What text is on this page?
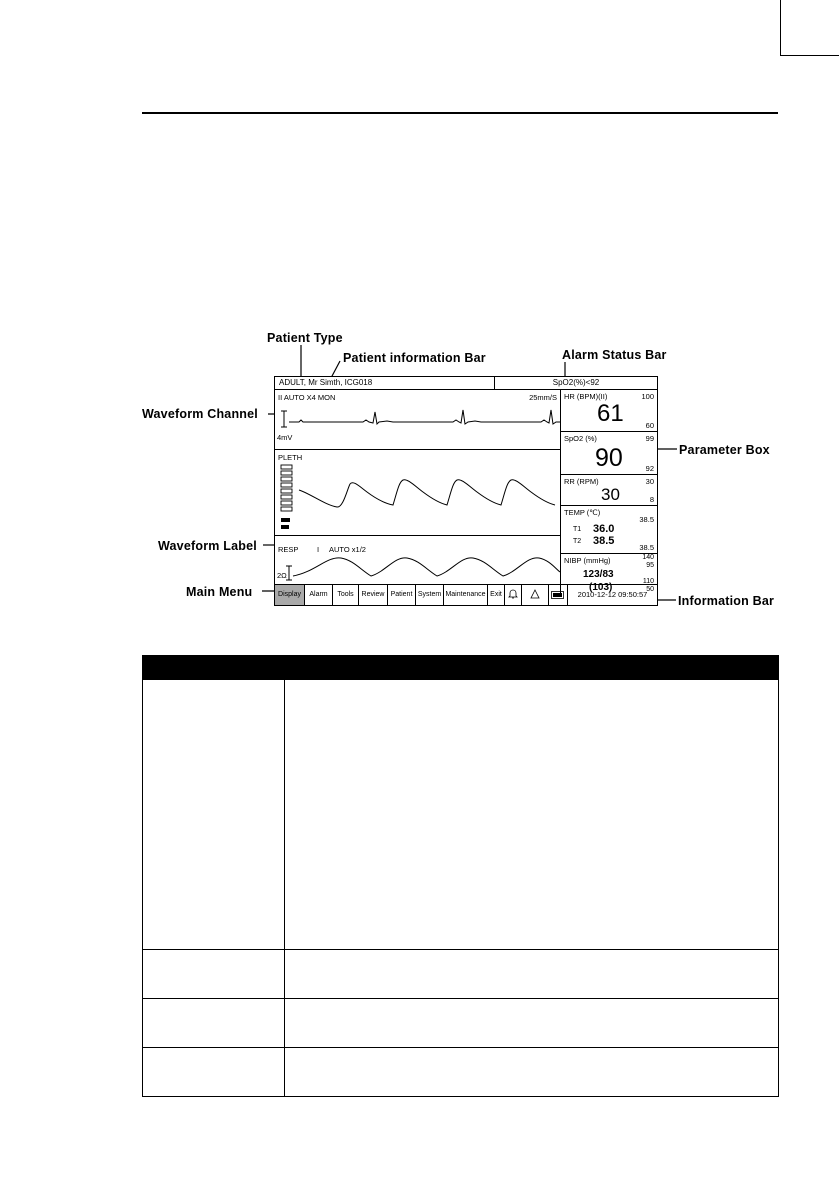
Patient Type
Patient information Bar	Alarm Status Bar
Waveform Channel
Parameter Box
Waveform Label
Main Menu
Information Bar
ADULT, Mr Simth, ICG018	SpO2(%)<92
II AUTO X4 MON	25mm/S
4mV
PLETH
RESP I AUTO x1/2
2Ω
HR (BPM)(II)	100
61	60
SpO2 (%)	99
90	92
RR (RPM)	30
30	8
TEMP (℃)
38.5
T1 36.0
T2 38.5
38.5
NIBP (mmHg)	140
95
123/83
(103)
110
50
Display	Alarm	Tools	Review Patient System Maintenance Exit	2010-12-12 09:50:57
